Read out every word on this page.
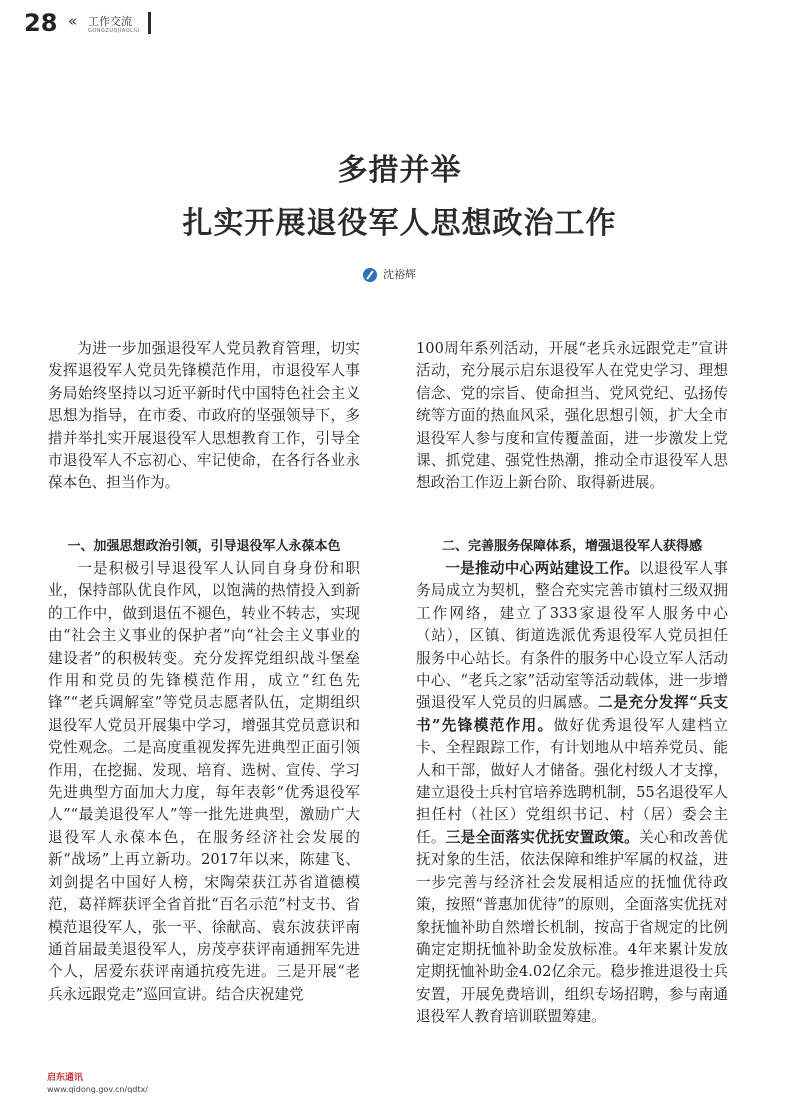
28 « 工作交流
GONGZUOJIAOLIU
多措并举
扎实开展退役军人思想政治工作
沈裕辉

为进一步加强退役军人党员教育管理，切实发挥退役军人党员先锋模范作用，市退役军人事务局始终坚持以习近平新时代中国特色社会主义思想为指导，在市委、市政府的坚强领导下，多措并举扎实开展退役军人思想教育工作，引导全市退役军人不忘初心、牢记使命，在各行各业永葆本色、担当作为。

一、加强思想政治引领，引导退役军人永葆本色

一是积极引导退役军人认同自身身份和职业，保持部队优良作风，以饱满的热情投入到新的工作中，做到退伍不褪色，转业不转志，实现由“社会主义事业的保护者”向“社会主义事业的建设者”的积极转变。充分发挥党组织战斗堡垒作用和党员的先锋模范作用，成立“红色先锋”“老兵调解室”等党员志愿者队伍，定期组织退役军人党员开展集中学习，增强其党员意识和党性观念。二是高度重视发挥先进典型正面引领作用，在挖掘、发现、培育、选树、宣传、学习先进典型方面加大力度，每年表彰“优秀退役军人”“最美退役军人”等一批先进典型，激励广大退役军人永葆本色，在服务经济社会发展的新“战场”上再立新功。2017年以来，陈建飞、刘剑提名中国好人榜，宋陶荣获江苏省道德模范，葛祥辉获评全省首批“百名示范”村支书、省模范退役军人，张一平、徐献高、袁东波获评南通首届最美退役军人，房茂亭获评南通拥军先进个人，居爱东获评南通抗疫先进。三是开展“老兵永远跟党走”巡回宣讲。结合庆祝建党

100周年系列活动，开展“老兵永远跟党走”宣讲活动，充分展示启东退役军人在党史学习、理想信念、党的宗旨、使命担当、党风党纪、弘扬传统等方面的热血风采，强化思想引领，扩大全市退役军人参与度和宣传覆盖面，进一步激发上党课、抓党建、强党性热潮，推动全市退役军人思想政治工作迈上新台阶、取得新进展。

二、完善服务保障体系，增强退役军人获得感

一是推动中心两站建设工作。以退役军人事务局成立为契机，整合充实完善市镇村三级双拥工作网络，建立了333家退役军人服务中心（站），区镇、街道选派优秀退役军人党员担任服务中心站长。有条件的服务中心设立军人活动中心、“老兵之家”活动室等活动载体，进一步增强退役军人党员的归属感。二是充分发挥“兵支书”先锋模范作用。做好优秀退役军人建档立卡、全程跟踪工作，有计划地从中培养党员、能人和干部，做好人才储备。强化村级人才支撑，建立退役士兵村官培养选聘机制，55名退役军人担任村（社区）党组织书记、村（居）委会主任。三是全面落实优抚安置政策。关心和改善优抚对象的生活，依法保障和维护军属的权益，进一步完善与经济社会发展相适应的抚恤优待政策，按照“普惠加优待”的原则，全面落实优抚对象抚恤补助自然增长机制，按高于省规定的比例确定定期抚恤补助金发放标准。4年来累计发放定期抚恤补助金4.02亿余元。稳步推进退役士兵安置，开展免费培训，组织专场招聘，参与南通退役军人教育培训联盟筹建。

启东通讯
www.qidong.gov.cn/qdtx/
